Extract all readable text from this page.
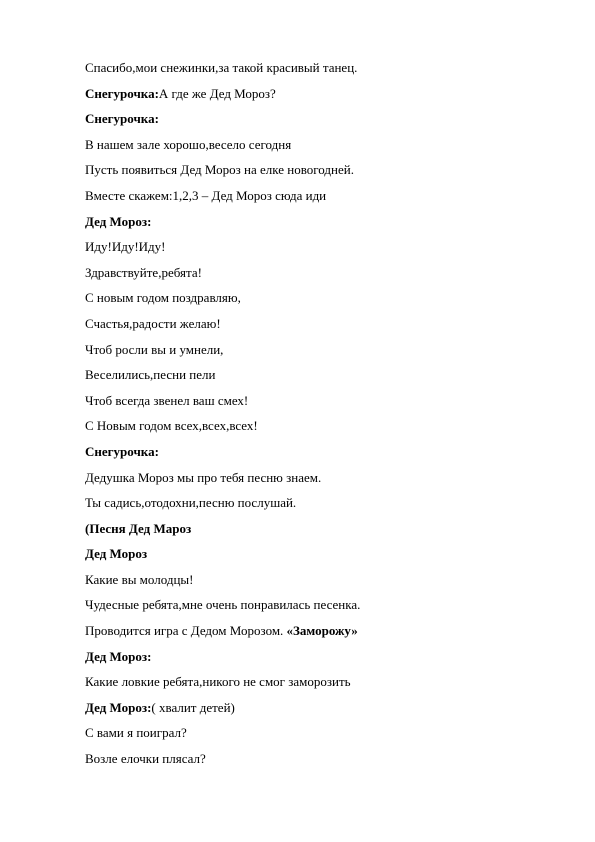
Спасибо,мои снежинки,за такой красивый танец.
Снегурочка:А где же Дед Мороз?
Снегурочка:
В нашем зале хорошо,весело сегодня
Пусть появиться Дед Мороз на елке новогодней.
Вместе скажем:1,2,3 – Дед Мороз сюда иди
Дед Мороз:
Иду!Иду!Иду!
Здравствуйте,ребята!
С новым годом поздравляю,
Счастья,радости желаю!
Чтоб росли вы и умнели,
Веселились,песни пели
Чтоб всегда звенел ваш смех!
С Новым годом всех,всех,всех!
Снегурочка:
Дедушка Мороз мы про тебя песню знаем.
Ты садись,отодохни,песню послушай.
(Песня Дед Мароз
Дед Мороз
Какие вы молодцы!
Чудесные ребята,мне очень понравилась песенка.
Проводится игра с Дедом Морозом. «Заморожу»
Дед Мороз:
Какие ловкие ребята,никого не смог заморозить
Дед Мороз:( хвалит детей)
С вами я поиграл?
Возле елочки плясал?
